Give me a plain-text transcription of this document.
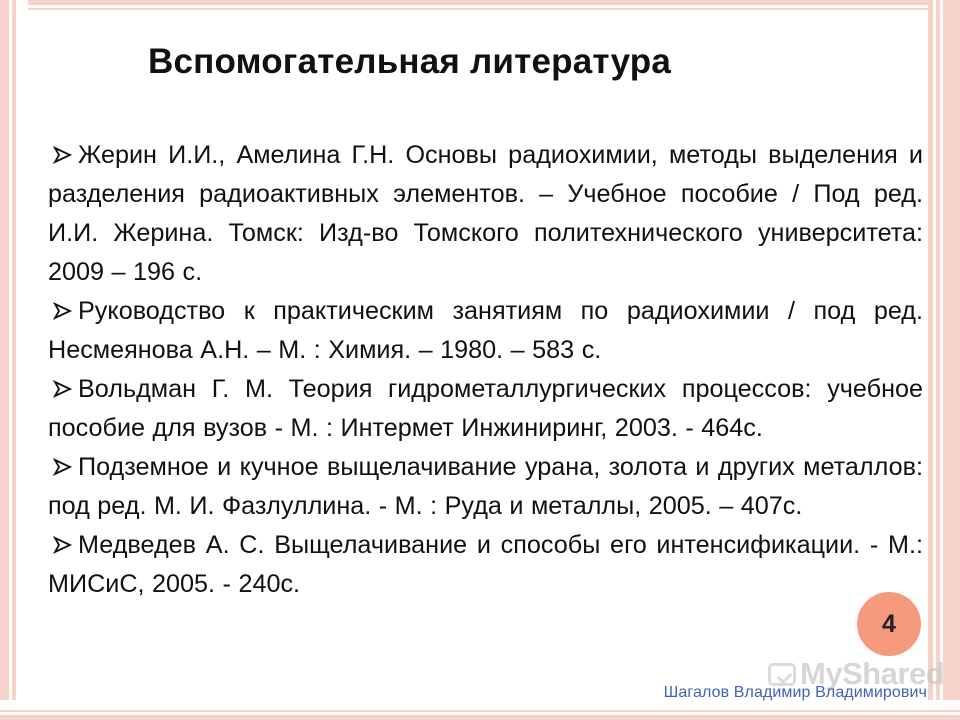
Вспомогательная литература
Жерин И.И., Амелина Г.Н. Основы радиохимии, методы выделения и разделения радиоактивных элементов. – Учебное пособие / Под ред. И.И. Жерина. Томск: Изд-во Томского политехнического университета: 2009 – 196 с.
Руководство к практическим занятиям по радиохимии / под ред. Несмеянова А.Н. – М. : Химия. – 1980. – 583 с.
Вольдман Г. М. Теория гидрометаллургических процессов: учебное пособие для вузов - М. : Интермет Инжиниринг, 2003. - 464с.
Подземное и кучное выщелачивание урана, золота и других металлов: под ред. М. И. Фазлуллина. - М. : Руда и металлы, 2005. – 407с.
Медведев А. С. Выщелачивание и способы его интенсификации. - М.: МИСиС, 2005. - 240с.
4
MyShared
Шагалов Владимир Владимирович
